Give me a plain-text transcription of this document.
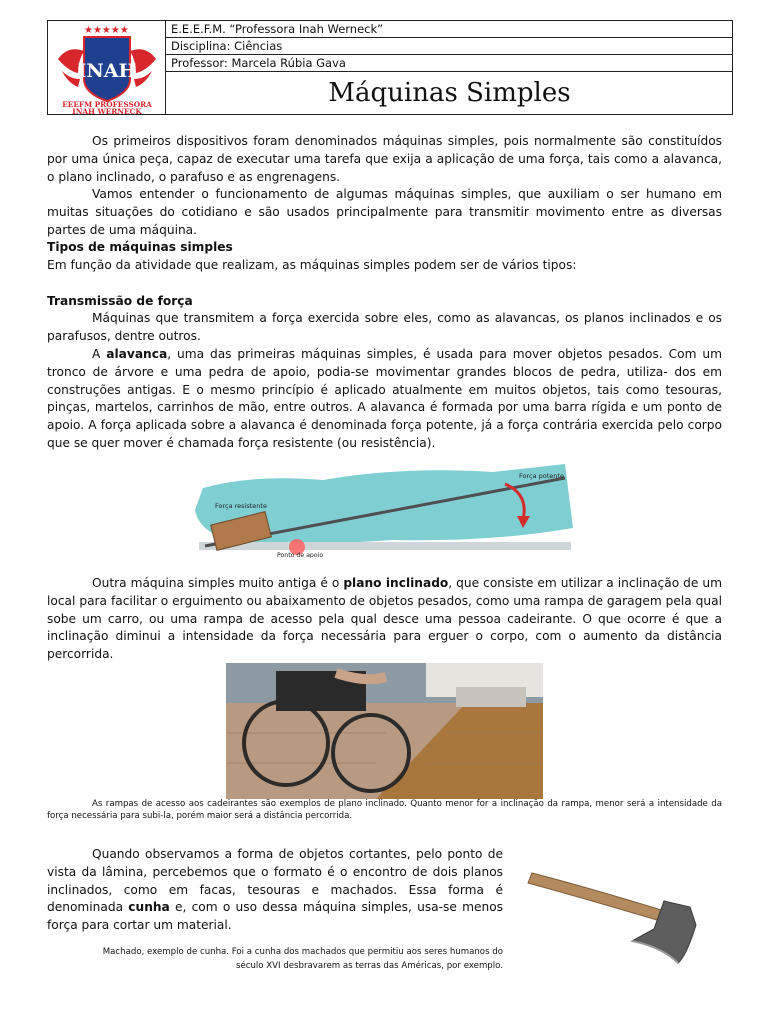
★★★★★
INAH
EEEFM PROFESSORA
INAH WERNECK
E.E.E.F.M. “Professora Inah Werneck”
Disciplina: Ciências
Professor: Marcela Rúbia Gava
Máquinas Simples
Os primeiros dispositivos foram denominados máquinas simples, pois normalmente são constituídos por uma única peça, capaz de executar uma tarefa que exija a aplicação de uma força, tais como a alavanca, o plano inclinado, o parafuso e as engrenagens.
Vamos entender o funcionamento de algumas máquinas simples, que auxiliam o ser humano em muitas situações do cotidiano e são usados principalmente para transmitir movimento entre as diversas partes de uma máquina.
Tipos de máquinas simples
Em função da atividade que realizam, as máquinas simples podem ser de vários tipos:
Transmissão de força
Máquinas que transmitem a força exercida sobre eles, como as alavancas, os planos inclinados e os parafusos, dentre outros.
A alavanca, uma das primeiras máquinas simples, é usada para mover objetos pesados. Com um tronco de árvore e uma pedra de apoio, podia-se movimentar grandes blocos de pedra, utiliza- dos em construções antigas. E o mesmo princípio é aplicado atualmente em muitos objetos, tais como tesouras, pinças, martelos, carrinhos de mão, entre outros. A alavanca é formada por uma barra rígida e um ponto de apoio. A força aplicada sobre a alavanca é denominada força potente, já a força contrária exercida pelo corpo que se quer mover é chamada força resistente (ou resistência).
Força resistente
Força potente
Ponto de apoio
Outra máquina simples muito antiga é o plano inclinado, que consiste em utilizar a inclinação de um local para facilitar o erguimento ou abaixamento de objetos pesados, como uma rampa de garagem pela qual sobe um carro, ou uma rampa de acesso pela qual desce uma pessoa cadeirante. O que ocorre é que a inclinação diminui a intensidade da força necessária para erguer o corpo, com o aumento da distância percorrida.
As rampas de acesso aos cadeirantes são exemplos de plano inclinado. Quanto menor for a inclinação da rampa, menor será a intensidade da força necessária para subi-la, porém maior será a distância percorrida.
Quando observamos a forma de objetos cortantes, pelo ponto de vista da lâmina, percebemos que o formato é o encontro de dois planos inclinados, como em facas, tesouras e machados. Essa forma é denominada cunha e, com o uso dessa máquina simples, usa-se menos força para cortar um material.
Machado, exemplo de cunha. Foi a cunha dos machados que permitiu aos seres humanos do
século XVI desbravarem as terras das Américas, por exemplo.
